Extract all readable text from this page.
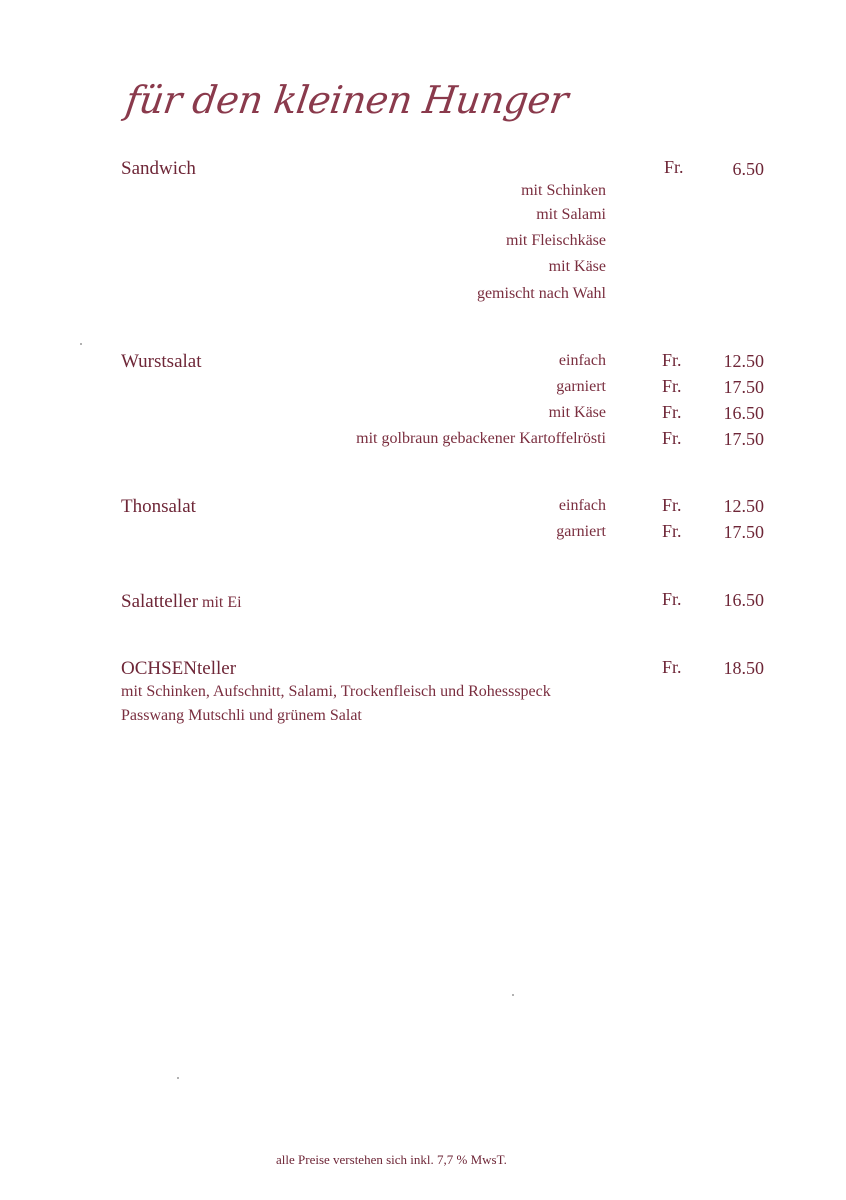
für den kleinen Hunger
Sandwich	Fr.	6.50
mit Schinken
mit Salami
mit Fleischkäse
mit Käse
gemischt nach Wahl
Wurstsalat	einfach	Fr.	12.50
garniert	Fr.	17.50
mit Käse	Fr.	16.50
mit golbraun gebackener Kartoffelrösti	Fr.	17.50
Thonsalat	einfach	Fr.	12.50
garniert	Fr.	17.50
Salatteller mit Ei	Fr.	16.50
OCHSENteller	Fr.	18.50
mit Schinken, Aufschnitt, Salami, Trockenfleisch und Rohessspeck
Passwang Mutschli und grünem Salat
alle Preise verstehen sich inkl. 7,7 % MwsT.
